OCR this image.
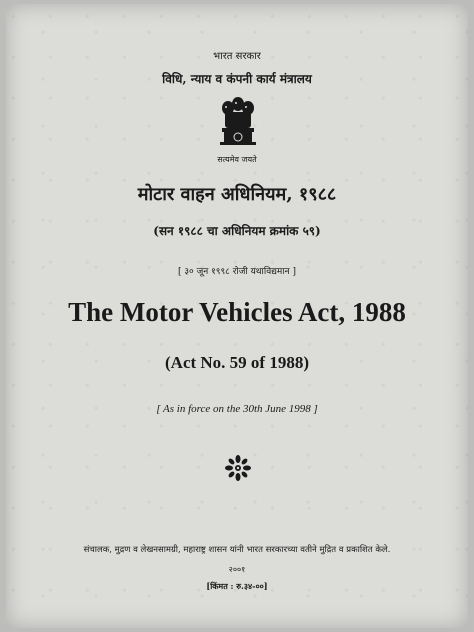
भारत सरकार
विधि, न्याय व कंपनी कार्य मंत्रालय
सत्यमेव जयते
मोटार वाहन अधिनियम, १९८८
(सन १९८८ चा अधिनियम क्रमांक ५९)
[ ३० जून १९९८ रोजी यथाविद्यमान ]
The Motor Vehicles Act, 1988
(Act No. 59 of 1988)
[ As in force on the 30th June 1998 ]
संचालक, मुद्रण व लेखनसामग्री, महाराष्ट्र शासन यांनी भारत सरकारच्या वतीने मुद्रित व प्रकाशित केले.
२००१
[किंमत : रु.३४-००]
